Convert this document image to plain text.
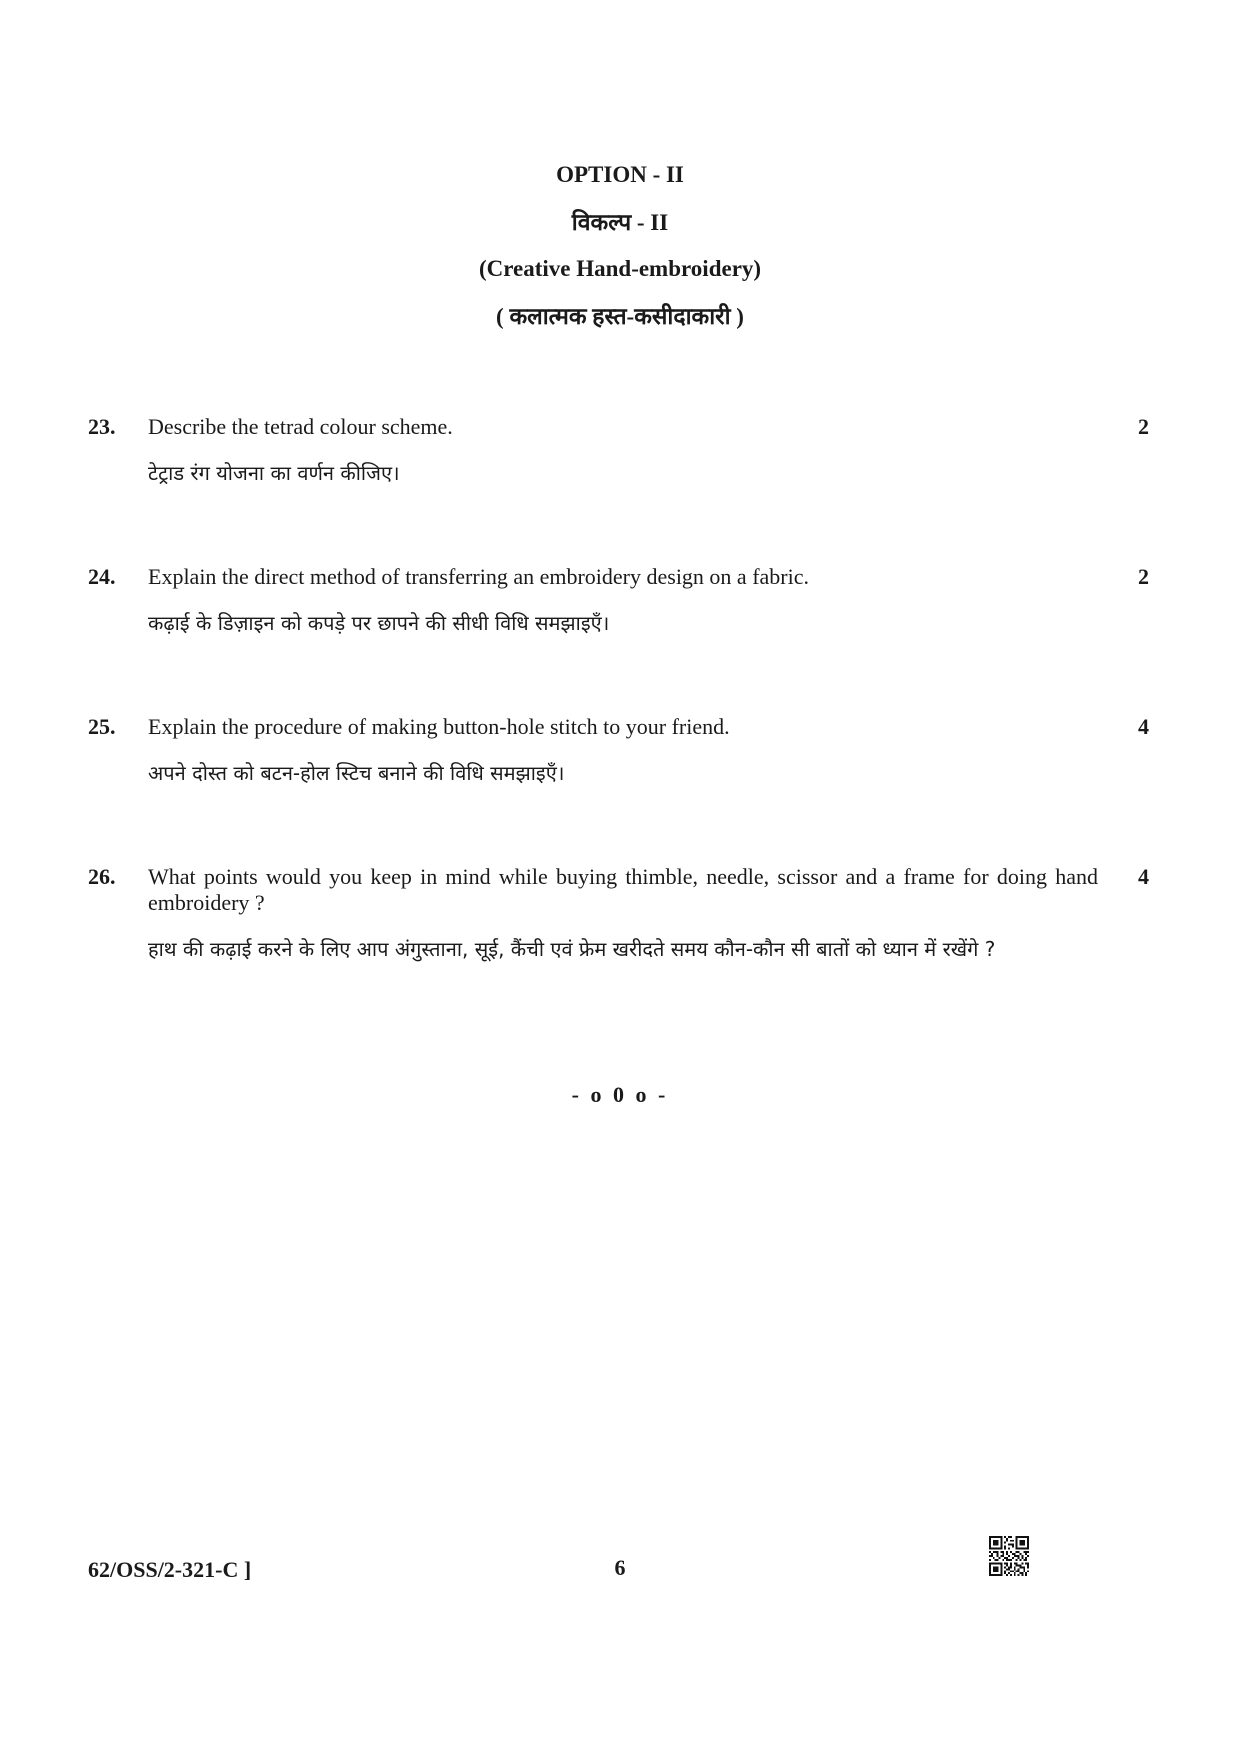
OPTION - II
विकल्प - II
(Creative Hand-embroidery)
( कलात्मक हस्त-कसीदाकारी )
23. Describe the tetrad colour scheme.
टेट्राड रंग योजना का वर्णन कीजिए।
2
24. Explain the direct method of transferring an embroidery design on a fabric.
कढ़ाई के डिज़ाइन को कपड़े पर छापने की सीधी विधि समझाइएँ।
2
25. Explain the procedure of making button-hole stitch to your friend.
अपने दोस्त को बटन-होल स्टिच बनाने की विधि समझाइएँ।
4
26. What points would you keep in mind while buying thimble, needle, scissor and a frame for doing hand embroidery ?
हाथ की कढ़ाई करने के लिए आप अंगुस्ताना, सूई, कैंची एवं फ्रेम खरीदते समय कौन-कौन सी बातों को ध्यान में रखेंगे ?
4
- o 0 o -
62/OSS/2-321-C ]	6
